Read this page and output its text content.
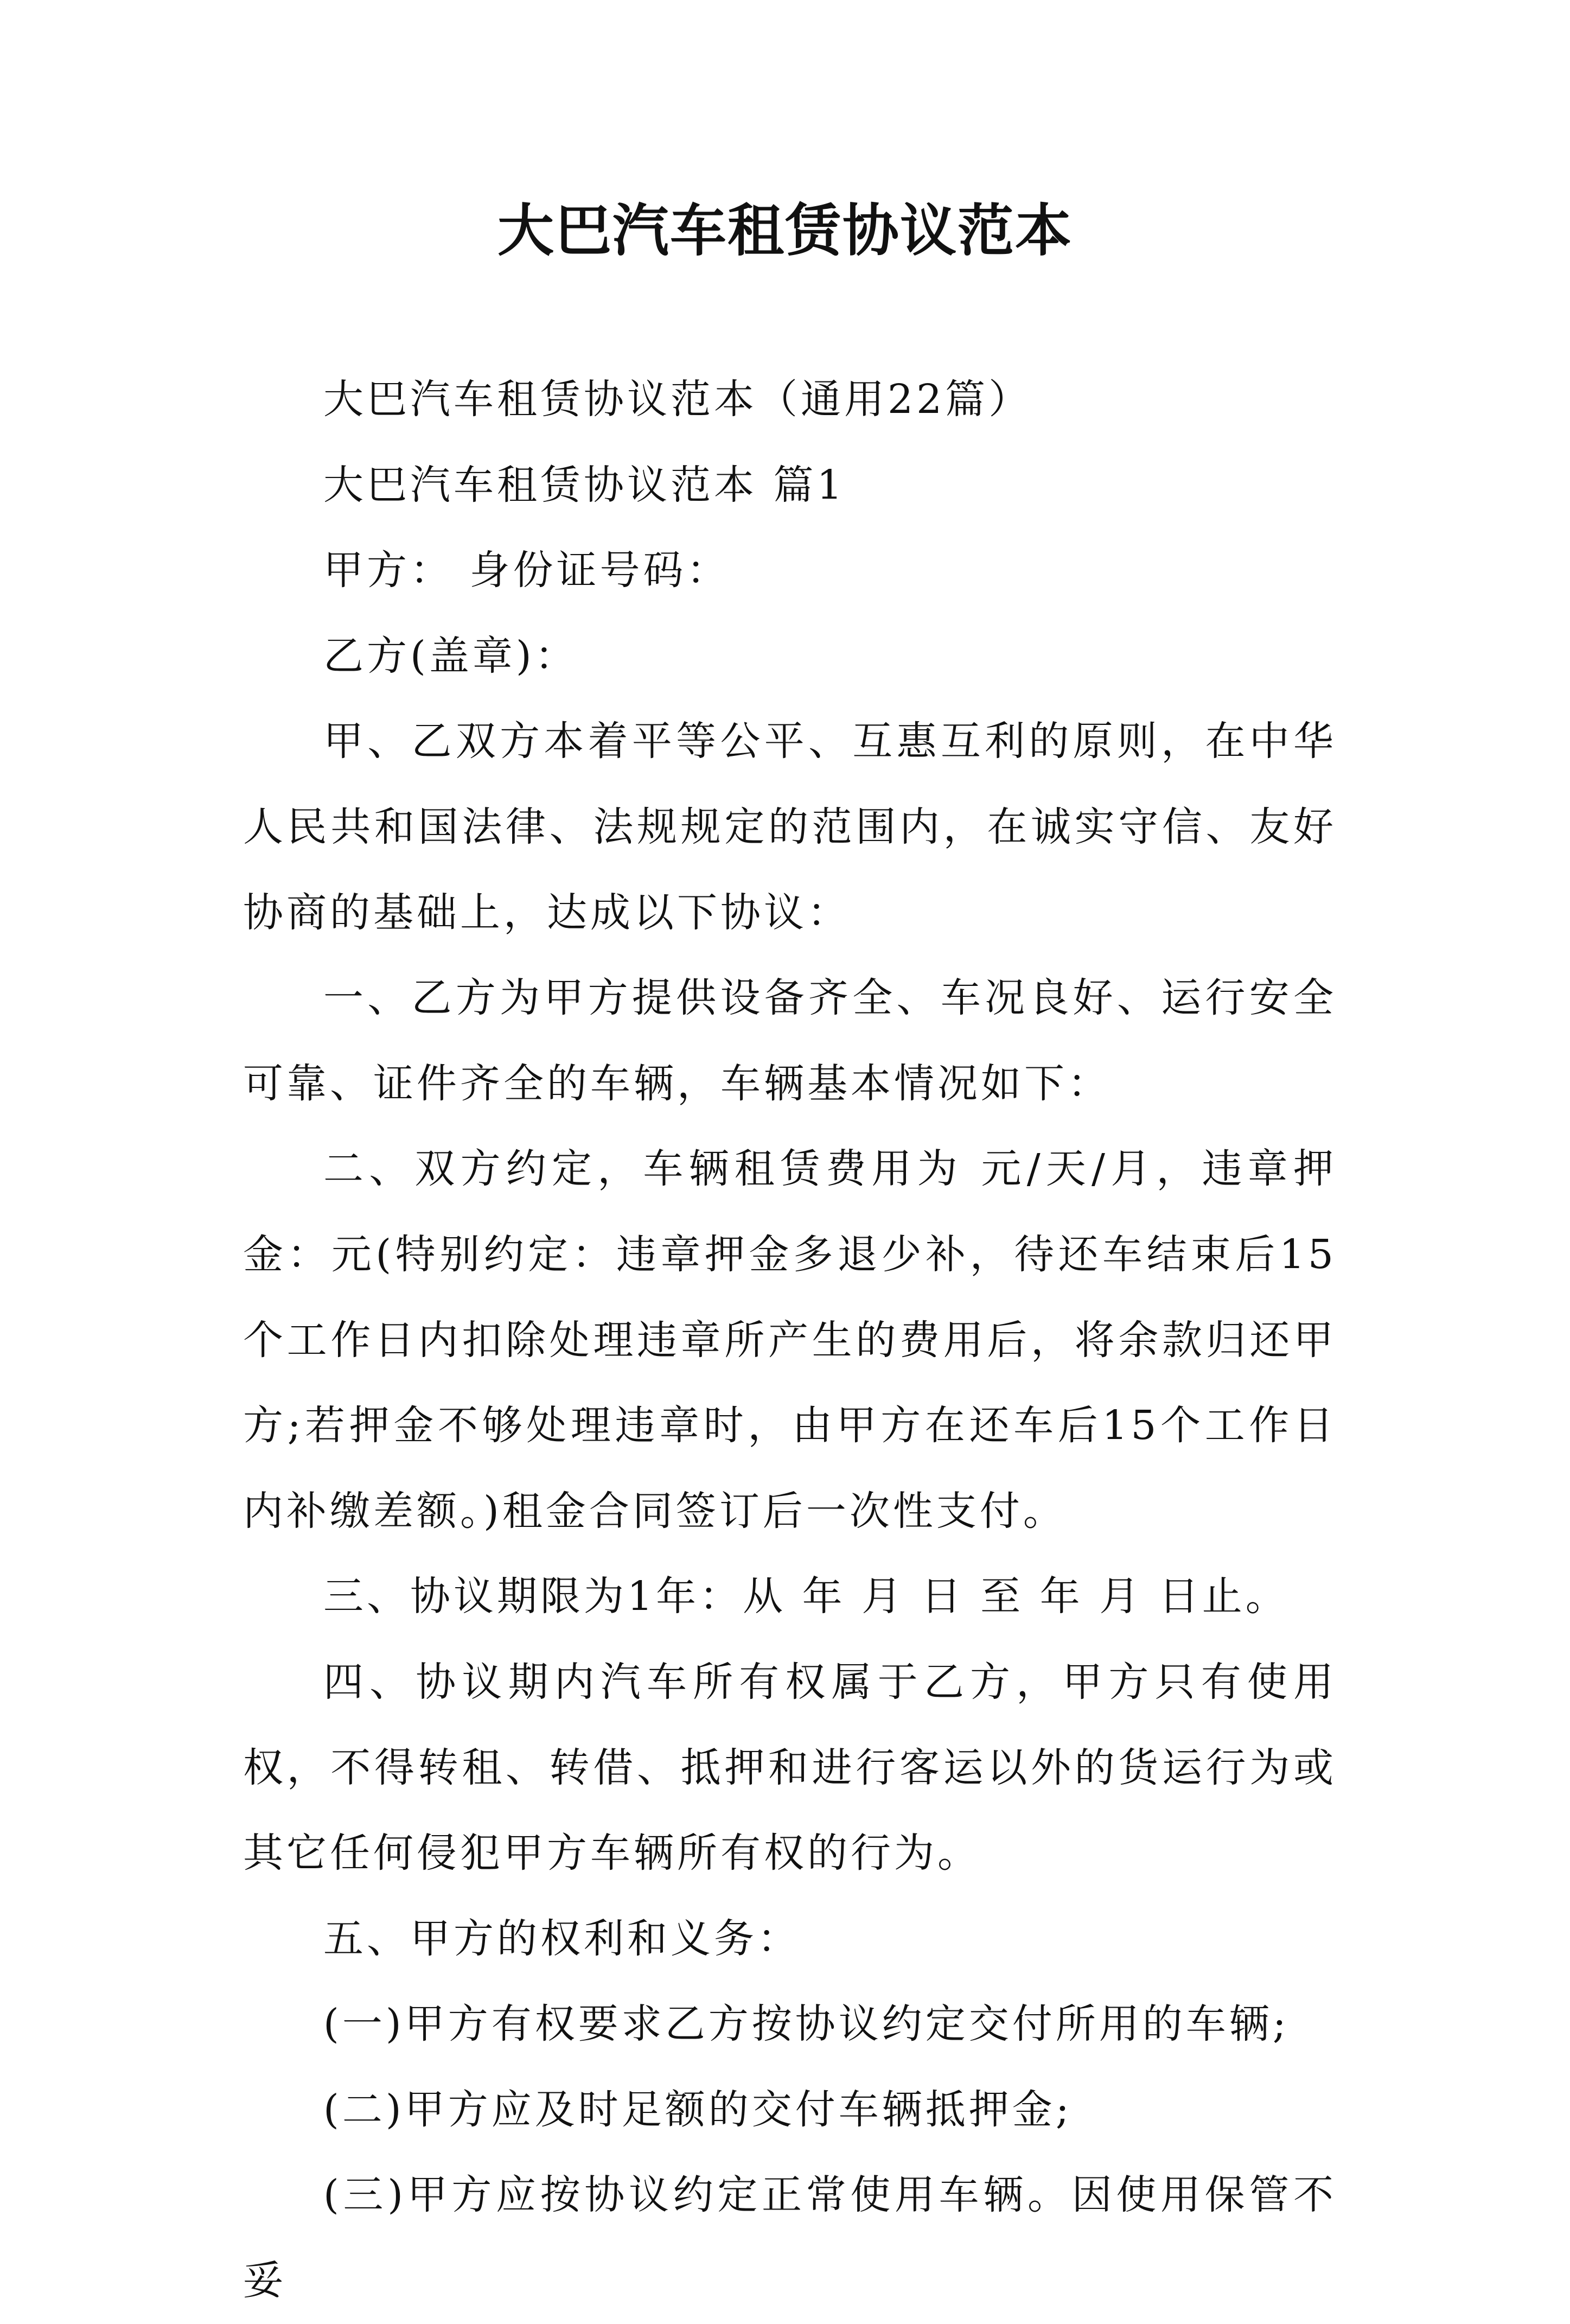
大巴汽车租赁协议范本

大巴汽车租赁协议范本（通用22篇）

大巴汽车租赁协议范本 篇1

甲方： 身份证号码：

乙方(盖章)：

甲、乙双方本着平等公平、互惠互利的原则，在中华人民共和国法律、法规规定的范围内，在诚实守信、友好协商的基础上，达成以下协议：

一、乙方为甲方提供设备齐全、车况良好、运行安全可靠、证件齐全的车辆，车辆基本情况如下：

二、双方约定，车辆租赁费用为 元/天/月，违章押金：元(特别约定：违章押金多退少补，待还车结束后15个工作日内扣除处理违章所产生的费用后，将余款归还甲方;若押金不够处理违章时，由甲方在还车后15个工作日内补缴差额。)租金合同签订后一次性支付。

三、协议期限为1年：从 年 月 日 至 年 月 日止。

四、协议期内汽车所有权属于乙方，甲方只有使用权，不得转租、转借、抵押和进行客运以外的货运行为或其它任何侵犯甲方车辆所有权的行为。

五、甲方的权利和义务：

(一)甲方有权要求乙方按协议约定交付所用的车辆;

(二)甲方应及时足额的交付车辆抵押金;

(三)甲方应按协议约定正常使用车辆。因使用保管不妥
